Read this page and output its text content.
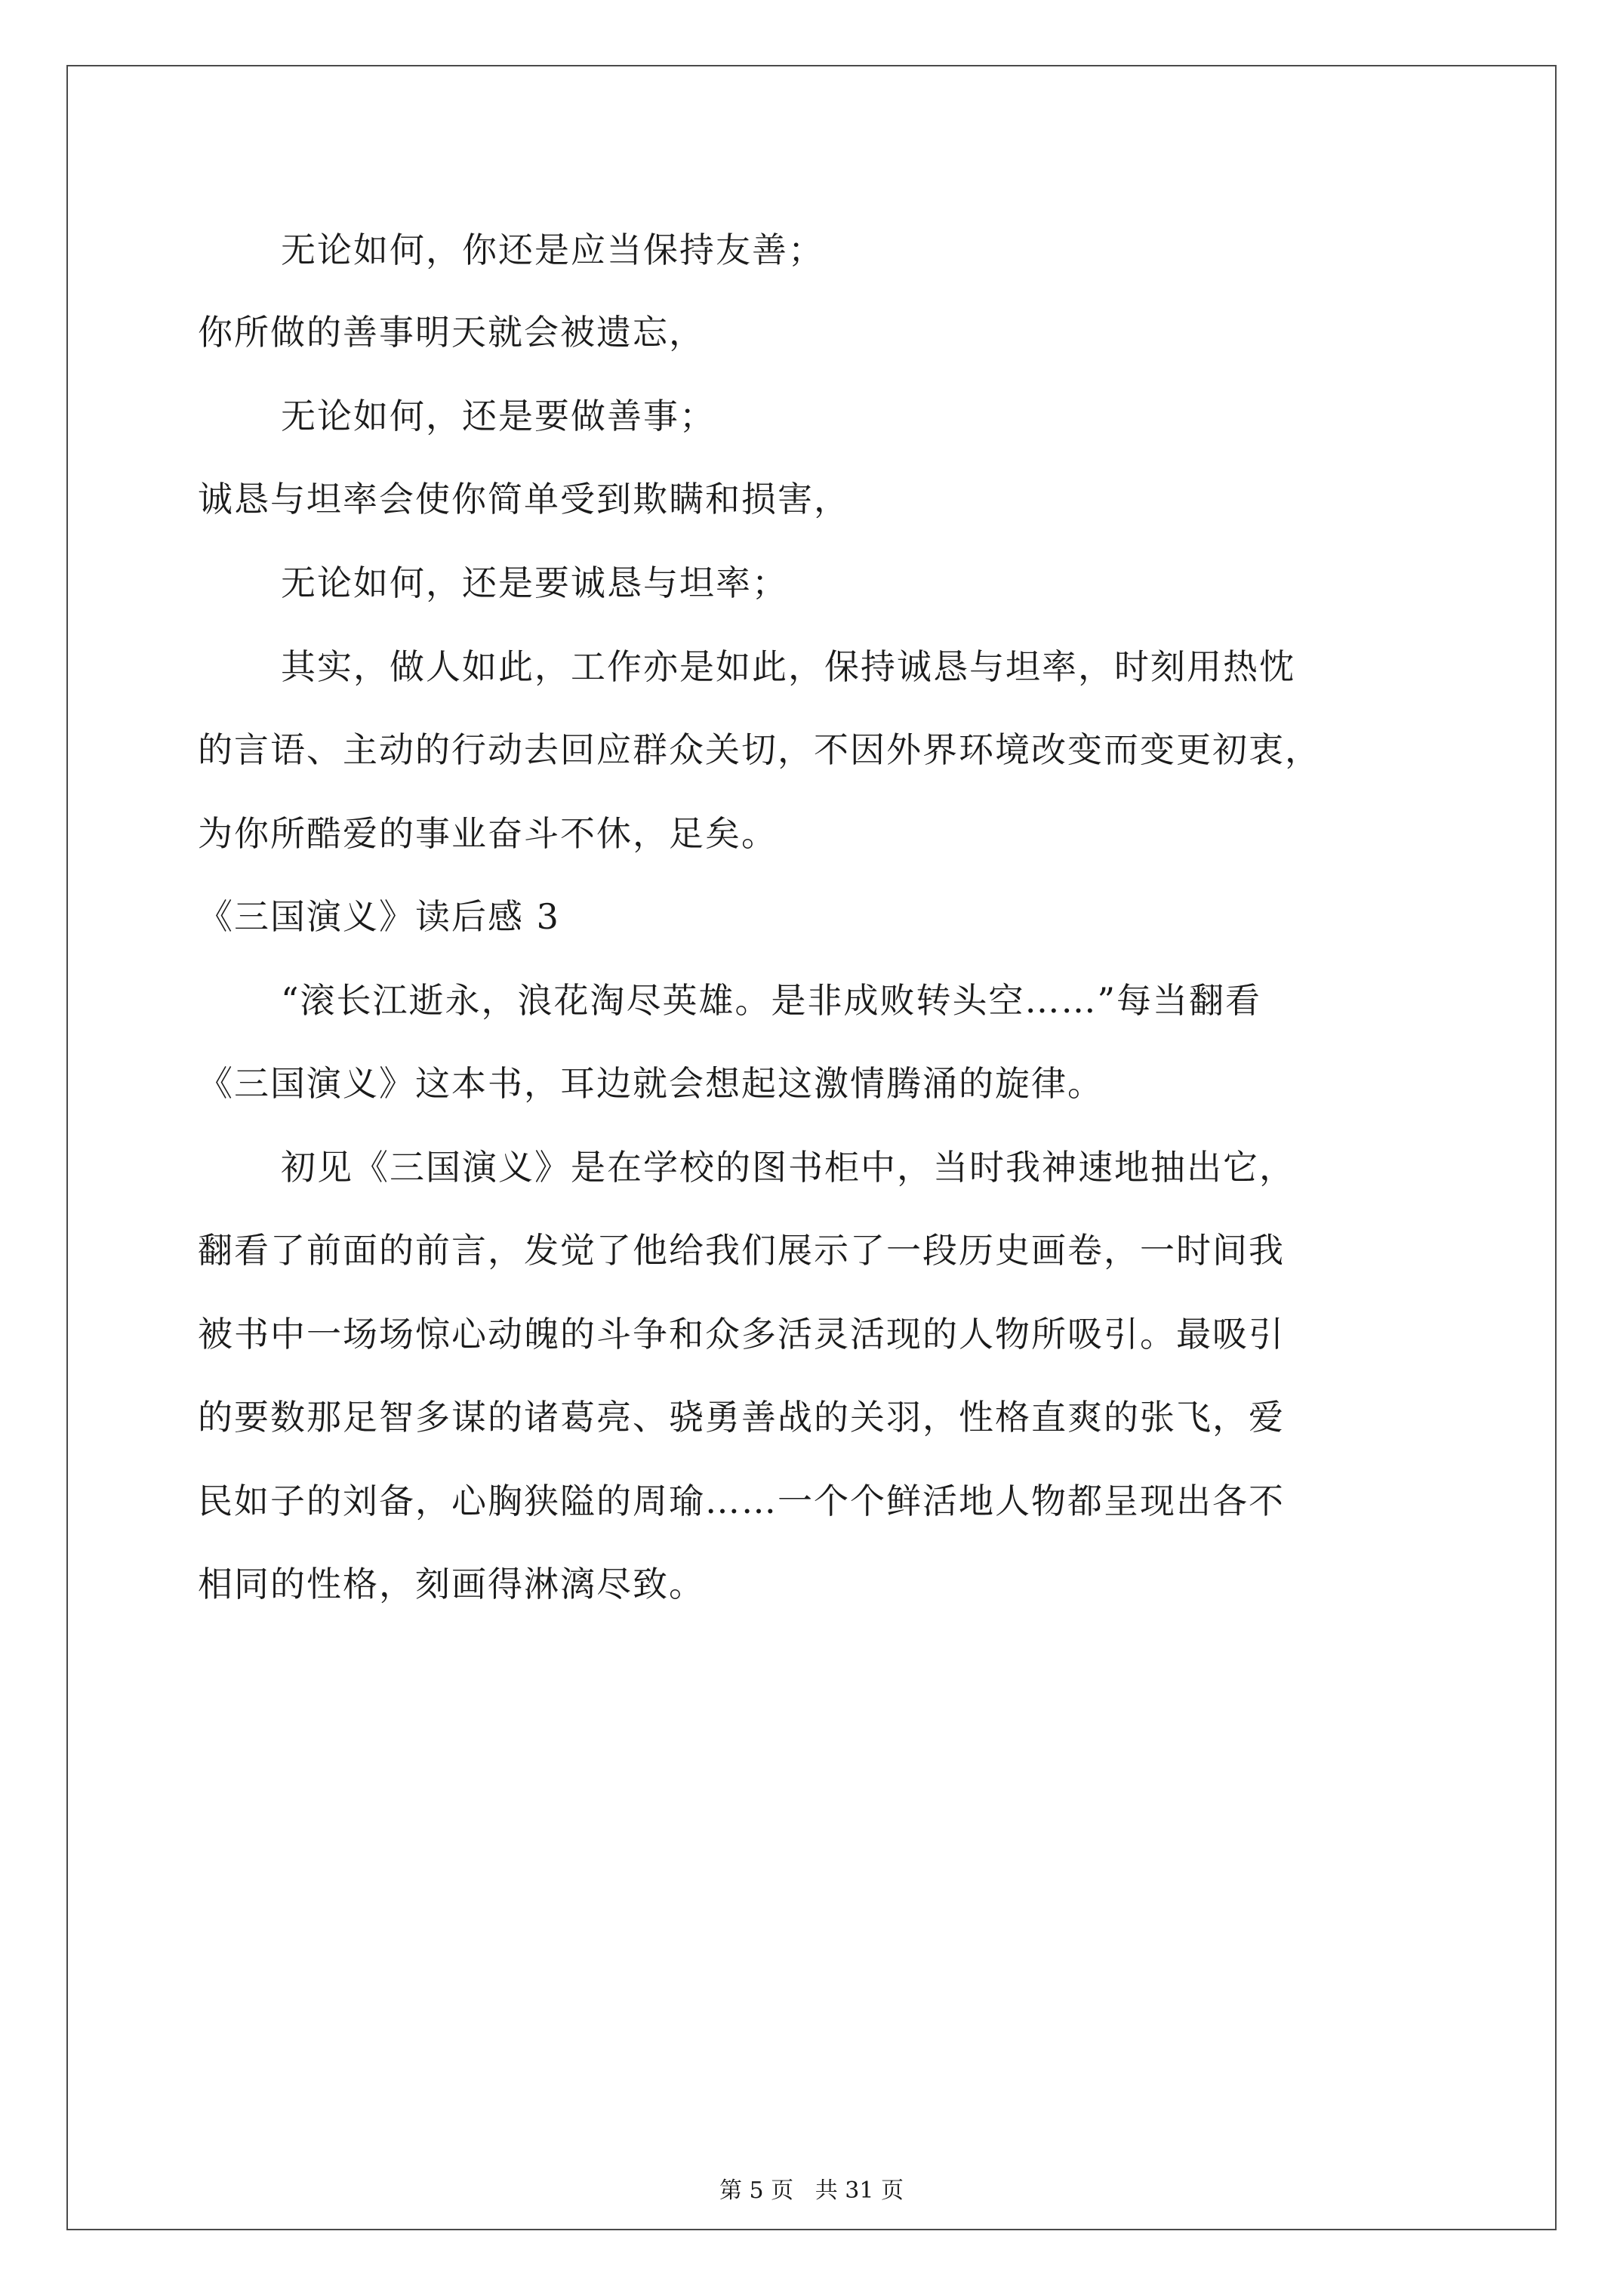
无论如何，你还是应当保持友善；
你所做的善事明天就会被遗忘，
无论如何，还是要做善事；
诚恳与坦率会使你简单受到欺瞒和损害，
无论如何，还是要诚恳与坦率；
其实，做人如此，工作亦是如此，保持诚恳与坦率，时刻用热忱
的言语、主动的行动去回应群众关切，不因外界环境改变而变更初衷，
为你所酷爱的事业奋斗不休，足矣。
《三国演义》读后感 3
“滚长江逝永，浪花淘尽英雄。是非成败转头空……”每当翻看
《三国演义》这本书，耳边就会想起这激情腾涌的旋律。
初见《三国演义》是在学校的图书柜中，当时我神速地抽出它，
翻看了前面的前言，发觉了他给我们展示了一段历史画卷，一时间我
被书中一场场惊心动魄的斗争和众多活灵活现的人物所吸引。最吸引
的要数那足智多谋的诸葛亮、骁勇善战的关羽，性格直爽的张飞，爱
民如子的刘备，心胸狭隘的周瑜……一个个鲜活地人物都呈现出各不
相同的性格，刻画得淋漓尽致。
第 5 页   共 31 页
